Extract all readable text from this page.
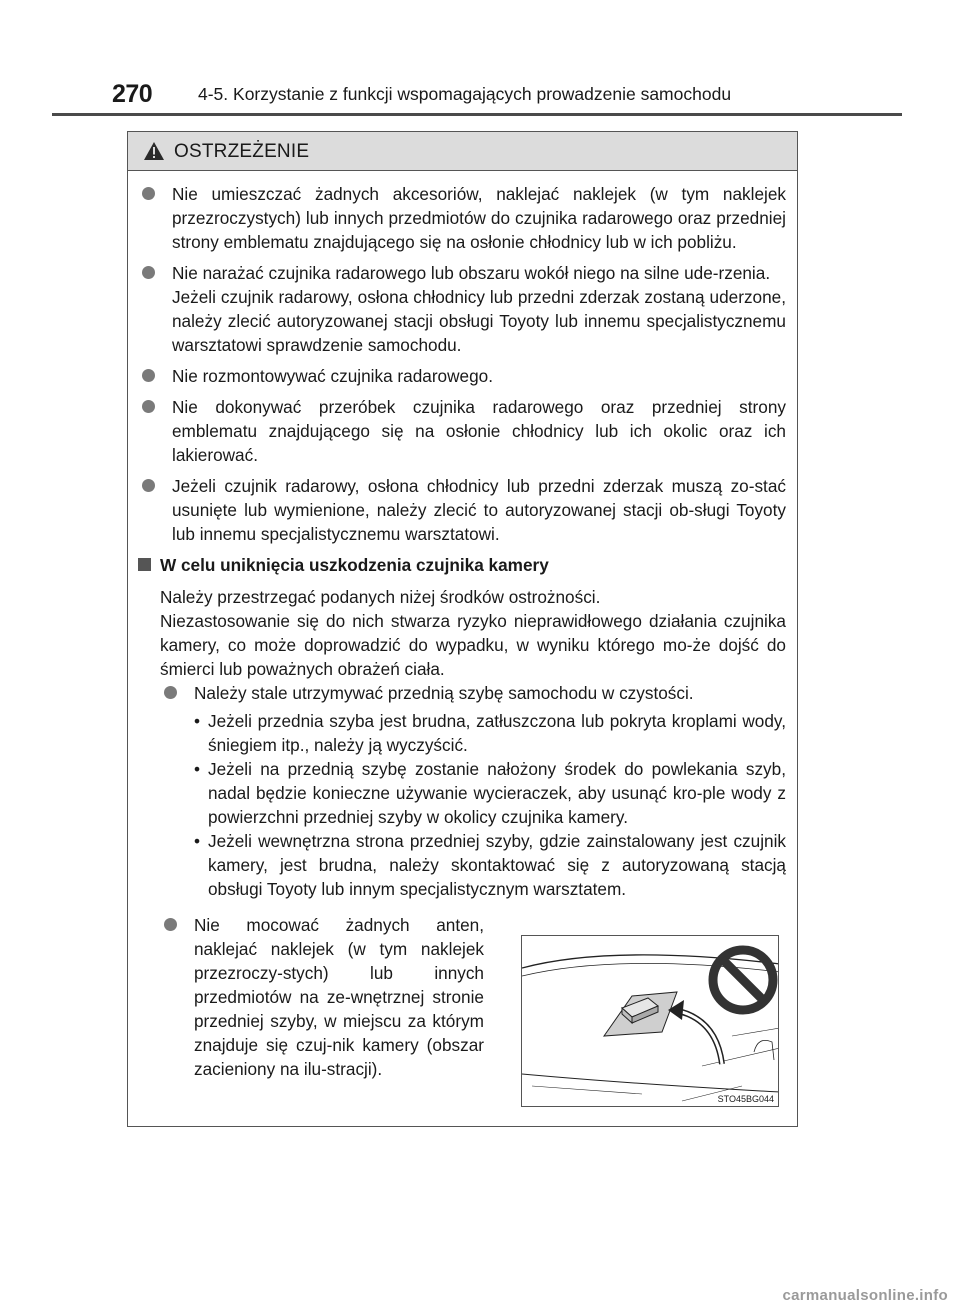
270	4-5. Korzystanie z funkcji wspomagających prowadzenie samochodu
OSTRZEŻENIE

Nie umieszczać żadnych akcesoriów, naklejać naklejek (w tym naklejek przezroczystych) lub innych przedmiotów do czujnika radarowego oraz przedniej strony emblematu znajdującego się na osłonie chłodnicy lub w ich pobliżu.

Nie narażać czujnika radarowego lub obszaru wokół niego na silne ude-rzenia.

Jeżeli czujnik radarowy, osłona chłodnicy lub przedni zderzak zostaną uderzone, należy zlecić autoryzowanej stacji obsługi Toyoty lub innemu specjalistycznemu warsztatowi sprawdzenie samochodu.

Nie rozmontowywać czujnika radarowego.

Nie dokonywać przeróbek czujnika radarowego oraz przedniej strony emblematu znajdującego się na osłonie chłodnicy lub ich okolic oraz ich lakierować.

Jeżeli czujnik radarowy, osłona chłodnicy lub przedni zderzak muszą zo-stać usunięte lub wymienione, należy zlecić to autoryzowanej stacji ob-sługi Toyoty lub innemu specjalistycznemu warsztatowi.

W celu uniknięcia uszkodzenia czujnika kamery

Należy przestrzegać podanych niżej środków ostrożności.

Niezastosowanie się do nich stwarza ryzyko nieprawidłowego działania czujnika kamery, co może doprowadzić do wypadku, w wyniku którego mo-że dojść do śmierci lub poważnych obrażeń ciała.

Należy stale utrzymywać przednią szybę samochodu w czystości.

• Jeżeli przednia szyba jest brudna, zatłuszczona lub pokryta kroplami wody, śniegiem itp., należy ją wyczyścić.
• Jeżeli na przednią szybę zostanie nałożony środek do powlekania szyb, nadal będzie konieczne używanie wycieraczek, aby usunąć kro-ple wody z powierzchni przedniej szyby w okolicy czujnika kamery.
• Jeżeli wewnętrzna strona przedniej szyby, gdzie zainstalowany jest czujnik kamery, jest brudna, należy skontaktować się z autoryzowaną stacją obsługi Toyoty lub innym specjalistycznym warsztatem.

Nie mocować żadnych anten, naklejać naklejek (w tym naklejek przezroczy-stych) lub innych przedmiotów na ze-wnętrznej stronie przedniej szyby, w miejscu za którym znajduje się czuj-nik kamery (obszar zacieniony na ilu-stracji).

STO45BG044
carmanualsonline.info
